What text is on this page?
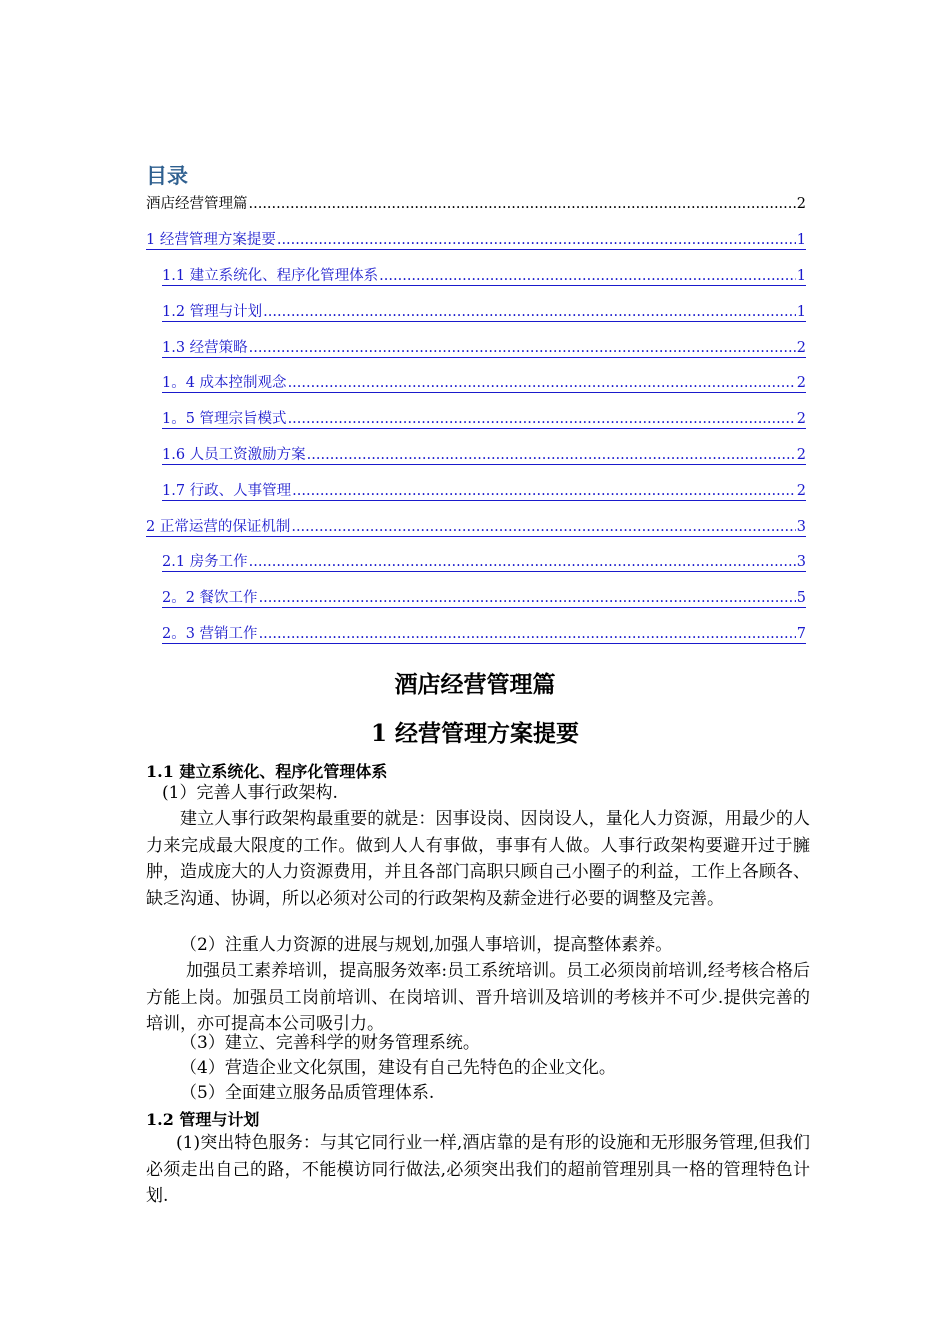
目录
酒店经营管理篇 .....	2
1 经营管理方案提要 .....	1
1.1 建立系统化、程序化管理体系 .....	1
1.2 管理与计划 .....	1
1.3 经营策略 .....	2
1。4 成本控制观念 .....	2
1。5 管理宗旨模式 .....	2
1.6 人员工资激励方案 .....	2
1.7 行政、人事管理 .....	2
2 正常运营的保证机制 .....	3
2.1 房务工作 .....	3
2。2 餐饮工作 .....	5
2。3 营销工作 .....	7
酒店经营管理篇
1 经营管理方案提要
1.1 建立系统化、程序化管理体系
(1）完善人事行政架构.

建立人事行政架构最重要的就是：因事设岗、因岗设人，量化人力资源，用最少的人力来完成最大限度的工作。做到人人有事做，事事有人做。人事行政架构要避开过于臃肿，造成庞大的人力资源费用，并且各部门高职只顾自己小圈子的利益，工作上各顾各、缺乏沟通、协调，所以必须对公司的行政架构及薪金进行必要的调整及完善。

（2）注重人力资源的进展与规划,加强人事培训，提高整体素养。

加强员工素养培训，提高服务效率:员工系统培训。员工必须岗前培训,经考核合格后方能上岗。加强员工岗前培训、在岗培训、晋升培训及培训的考核并不可少.提供完善的培训，亦可提高本公司吸引力。

（3）建立、完善科学的财务管理系统。
（4）营造企业文化氛围，建设有自己先特色的企业文化。
（5）全面建立服务品质管理体系.
1.2 管理与计划

(1)突出特色服务：与其它同行业一样,酒店靠的是有形的设施和无形服务管理,但我们必须走出自己的路，不能模访同行做法,必须突出我们的超前管理别具一格的管理特色计划.
